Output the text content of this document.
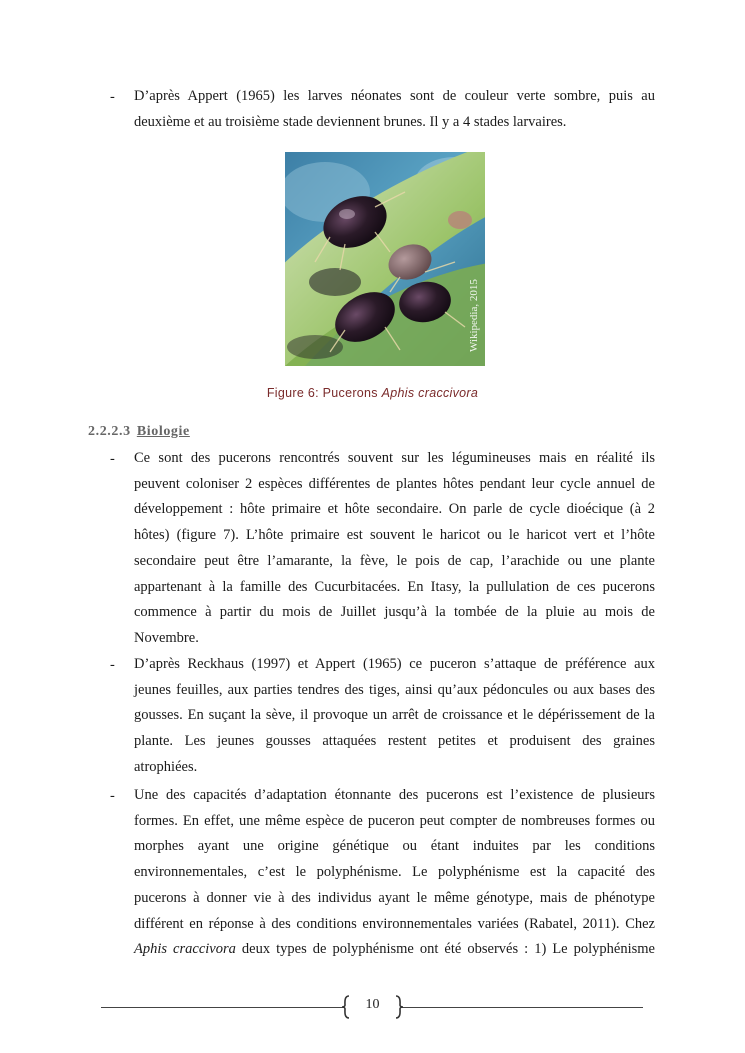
- D’après Appert (1965) les larves néonates sont de couleur verte sombre, puis au
deuxième et au troisième stade deviennent brunes. Il y a 4 stades larvaires.
Wikipedia, 2015
Figure 6: Pucerons Aphis craccivora
2.2.2.3 Biologie
- Ce sont des pucerons rencontrés souvent sur les légumineuses mais en réalité ils
peuvent coloniser 2 espèces différentes de plantes hôtes pendant leur cycle annuel de
développement : hôte primaire et hôte secondaire. On parle de cycle dioécique (à 2
hôtes) (figure 7). L’hôte primaire est souvent le haricot ou le haricot vert et l’hôte
secondaire peut être l’amarante, la fève, le pois de cap, l’arachide ou une plante
appartenant à la famille des Cucurbitacées. En Itasy, la pullulation de ces pucerons
commence à partir du mois de Juillet jusqu’à la tombée de la pluie au mois de
Novembre.
- D’après Reckhaus (1997) et Appert (1965) ce puceron s’attaque de préférence aux
jeunes feuilles, aux parties tendres des tiges, ainsi qu’aux pédoncules ou aux bases des
gousses. En suçant la sève, il provoque un arrêt de croissance et le dépérissement de la
plante. Les jeunes gousses attaquées restent petites et produisent des graines
atrophiées.
- Une des capacités d’adaptation étonnante des pucerons est l’existence de plusieurs
formes. En effet, une même espèce de puceron peut compter de nombreuses formes ou
morphes ayant une origine génétique ou étant induites par les conditions
environnementales, c’est le polyphénisme. Le polyphénisme est la capacité des
pucerons à donner vie à des individus ayant le même génotype, mais de phénotype
différent en réponse à des conditions environnementales variées (Rabatel, 2011). Chez
Aphis craccivora deux types de polyphénisme ont été observés : 1) Le polyphénisme
10
